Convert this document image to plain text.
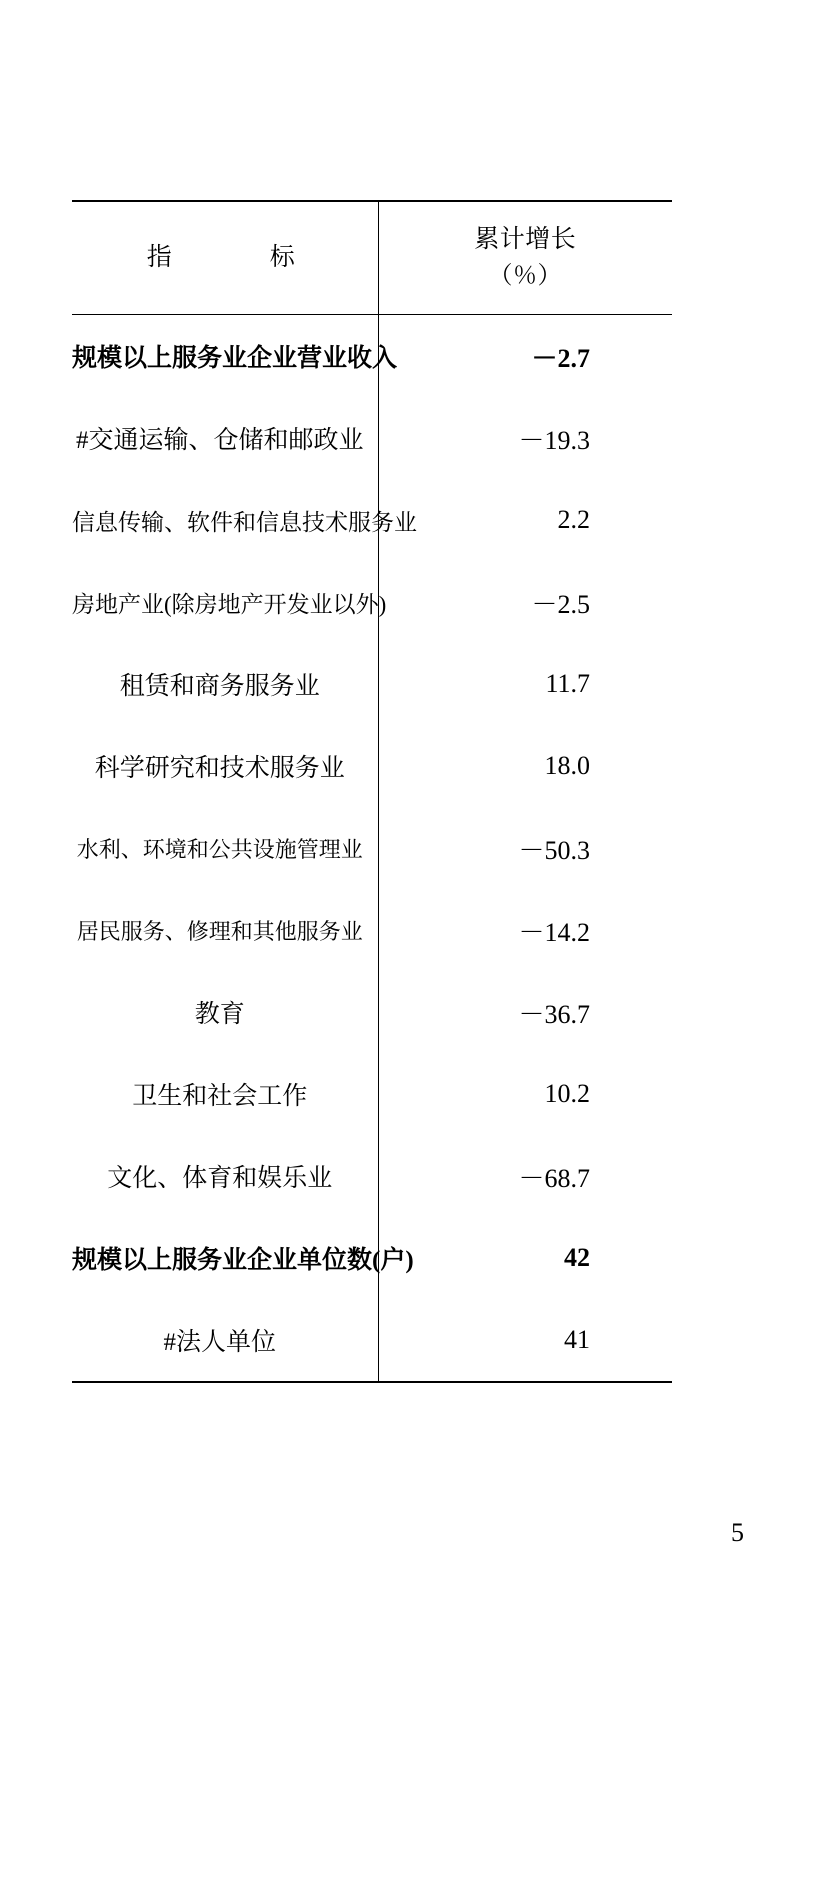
指　　标	累计增长
（％）

规模以上服务业企业营业收入	－2.7

#交通运输、仓储和邮政业	－19.3

信息传输、软件和信息技术服务业	2.2

房地产业(除房地产开发业以外)	－2.5

租赁和商务服务业	11.7

科学研究和技术服务业	18.0

水利、环境和公共设施管理业	－50.3

居民服务、修理和其他服务业	－14.2

教育	－36.7

卫生和社会工作	10.2

文化、体育和娱乐业	－68.7

规模以上服务业企业单位数(户)	42

#法人单位	41
5
